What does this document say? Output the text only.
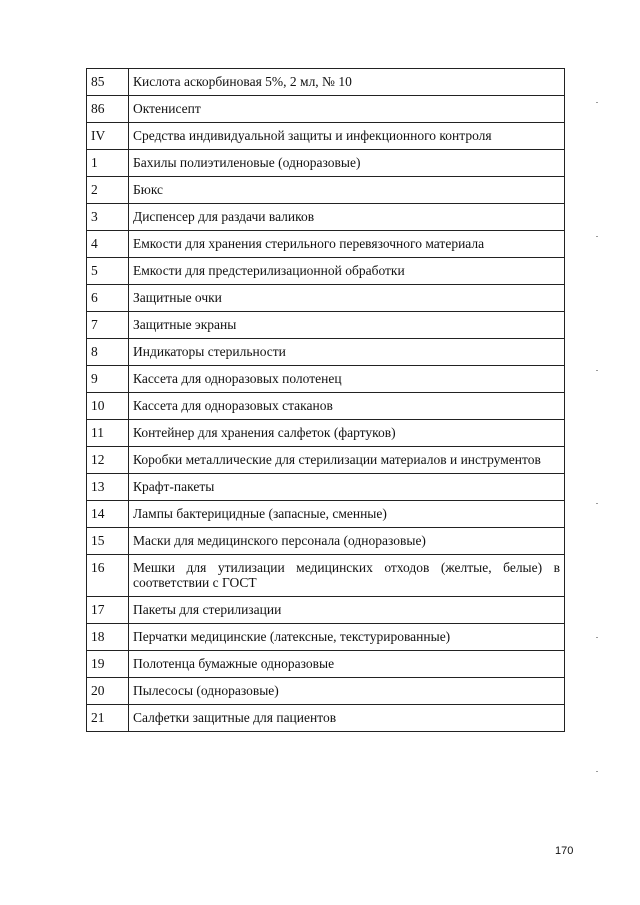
85	Кислота аскорбиновая 5%, 2 мл, № 10
86	Октенисепт
IV	Средства индивидуальной защиты и инфекционного контроля
1	Бахилы полиэтиленовые (одноразовые)
2	Бюкс
3	Диспенсер для раздачи валиков
4	Емкости для хранения стерильного перевязочного материала
5	Емкости для предстерилизационной обработки
6	Защитные очки
7	Защитные экраны
8	Индикаторы стерильности
9	Кассета для одноразовых полотенец
10	Кассета для одноразовых стаканов
11	Контейнер для хранения салфеток (фартуков)
12	Коробки металлические для стерилизации материалов и инструментов
13	Крафт-пакеты
14	Лампы бактерицидные (запасные, сменные)
15	Маски для медицинского персонала (одноразовые)
16	Мешки для утилизации медицинских отходов (желтые, белые) в соответствии с ГОСТ
17	Пакеты для стерилизации
18	Перчатки медицинские (латексные, текстурированные)
19	Полотенца бумажные одноразовые
20	Пылесосы (одноразовые)
21	Салфетки защитные для пациентов
170
